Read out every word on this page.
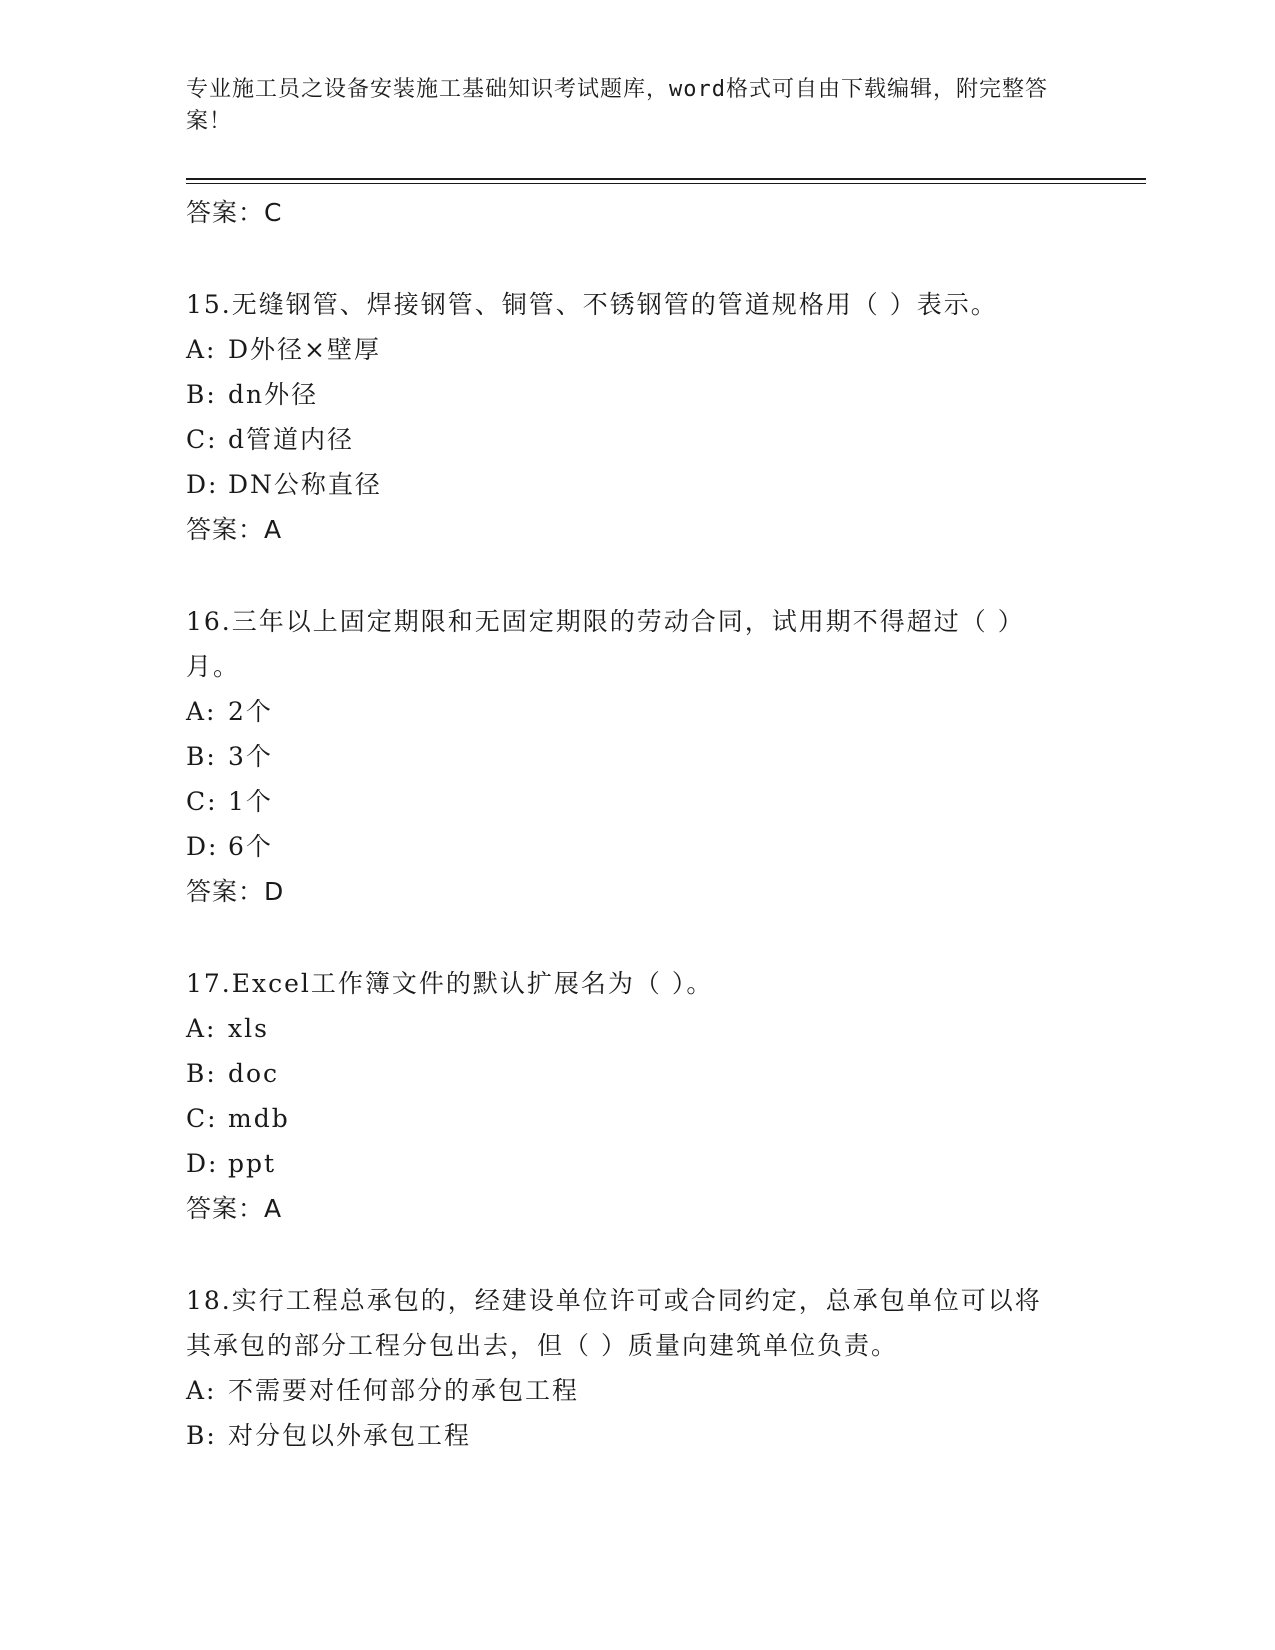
专业施工员之设备安装施工基础知识考试题库，word格式可自由下载编辑，附完整答案！
答案：C
15.无缝钢管、焊接钢管、铜管、不锈钢管的管道规格用（ ）表示。
A: D外径×壁厚
B: dn外径
C: d管道内径
D: DN公称直径
答案：A
16.三年以上固定期限和无固定期限的劳动合同，试用期不得超过（ ）月。
A: 2个
B: 3个
C: 1个
D: 6个
答案：D
17.Excel工作簿文件的默认扩展名为（ ）。
A: xls
B: doc
C: mdb
D: ppt
答案：A
18.实行工程总承包的，经建设单位许可或合同约定，总承包单位可以将其承包的部分工程分包出去，但（ ）质量向建筑单位负责。
A: 不需要对任何部分的承包工程
B: 对分包以外承包工程
